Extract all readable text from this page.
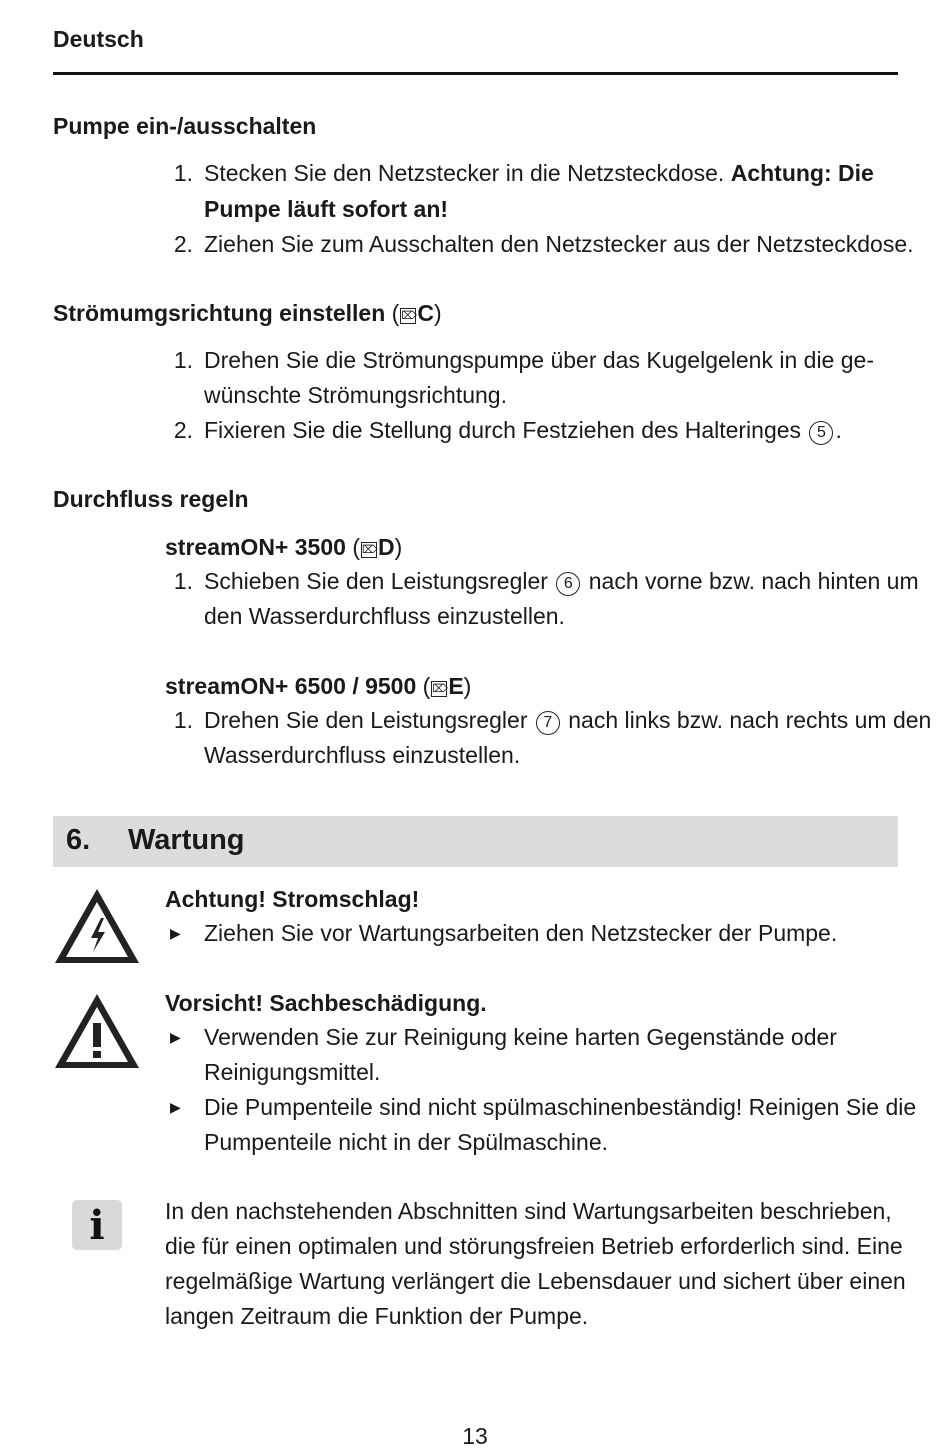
Deutsch
Pumpe ein-/ausschalten
1. Stecken Sie den Netzstecker in die Netzsteckdose. Achtung: Die
Pumpe läuft sofort an!
2. Ziehen Sie zum Ausschalten den Netzstecker aus der Netzsteckdose.
Strömumgsrichtung einstellen ( ⌦C)
1. Drehen Sie die Strömungspumpe über das Kugelgelenk in die ge-
wünschte Strömungsrichtung.
2. Fixieren Sie die Stellung durch Festziehen des Halteringes 5 .
Durchfluss regeln
streamON+ 3500 ( ⌦D)
1. Schieben Sie den Leistungsregler 6 nach vorne bzw. nach hinten um
den Wasserdurchfluss einzustellen.
streamON+ 6500 / 9500 ( ⌦E)
1. Drehen Sie den Leistungsregler 7 nach links bzw. nach rechts um den
Wasserdurchfluss einzustellen.
6. Wartung
Achtung! Stromschlag!
▶ Ziehen Sie vor Wartungsarbeiten den Netzstecker der Pumpe.
Vorsicht! Sachbeschädigung.
▶ Verwenden Sie zur Reinigung keine harten Gegenstände oder
Reinigungsmittel.
▶ Die Pumpenteile sind nicht spülmaschinenbeständig! Reinigen Sie die
Pumpenteile nicht in der Spülmaschine.
i	In den nachstehenden Abschnitten sind Wartungsarbeiten beschrieben,
die für einen optimalen und störungsfreien Betrieb erforderlich sind. Eine
regelmäßige Wartung verlängert die Lebensdauer und sichert über einen
langen Zeitraum die Funktion der Pumpe.
13
